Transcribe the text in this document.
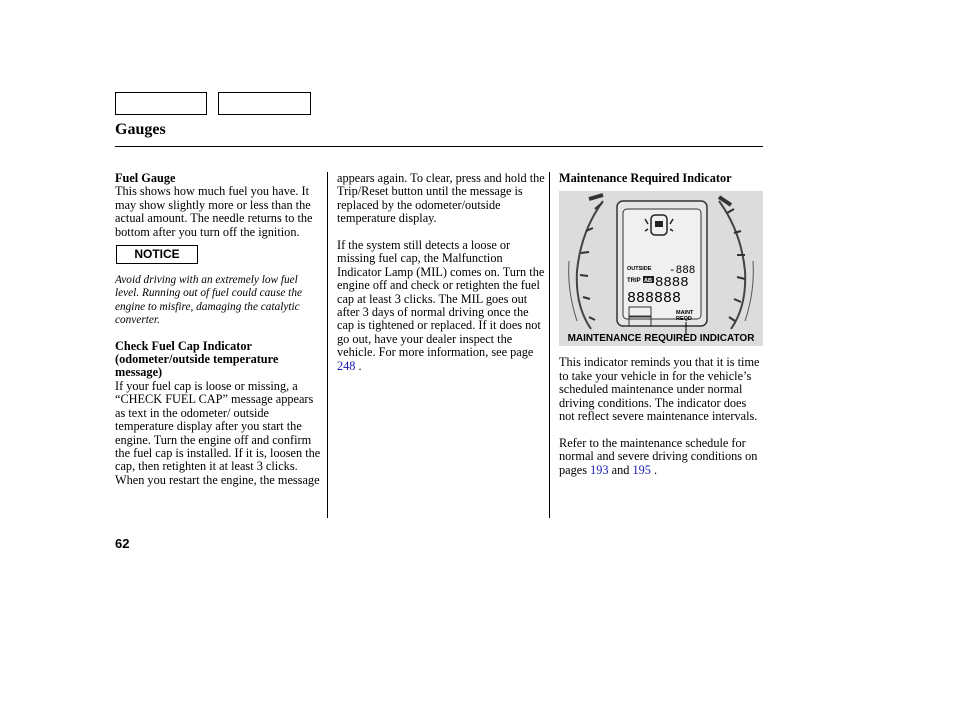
Gauges

Fuel Gauge

This shows how much fuel you have. It may show slightly more or less than the actual amount. The needle returns to the bottom after you turn off the ignition.

NOTICE

Avoid driving with an extremely low fuel level. Running out of fuel could cause the engine to misfire, damaging the catalytic converter.

Check Fuel Cap Indicator (odometer/outside temperature message)

If your fuel cap is loose or missing, a “CHECK FUEL CAP” message appears as text in the odometer/ outside temperature display after you start the engine. Turn the engine off and confirm the fuel cap is installed. If it is, loosen the cap, then retighten it at least 3 clicks. When you restart the engine, the message

appears again. To clear, press and hold the Trip/Reset button until the message is replaced by the odometer/outside temperature display.

If the system still detects a loose or missing fuel cap, the Malfunction Indicator Lamp (MIL) comes on. Turn the engine off and check or retighten the fuel cap at least 3 clicks. The MIL goes out after 3 days of normal driving once the cap is tightened or replaced. If it does not go out, have your dealer inspect the vehicle. For more information, see page 248 .

Maintenance Required Indicator

OUTSIDE -888
TRIP AB 8888
888888
MAINT
REQD
MAINTENANCE REQUIRED INDICATOR

This indicator reminds you that it is time to take your vehicle in for the vehicle’s scheduled maintenance under normal driving conditions. The indicator does not reflect severe maintenance intervals.

Refer to the maintenance schedule for normal and severe driving conditions on pages 193 and 195 .

62
